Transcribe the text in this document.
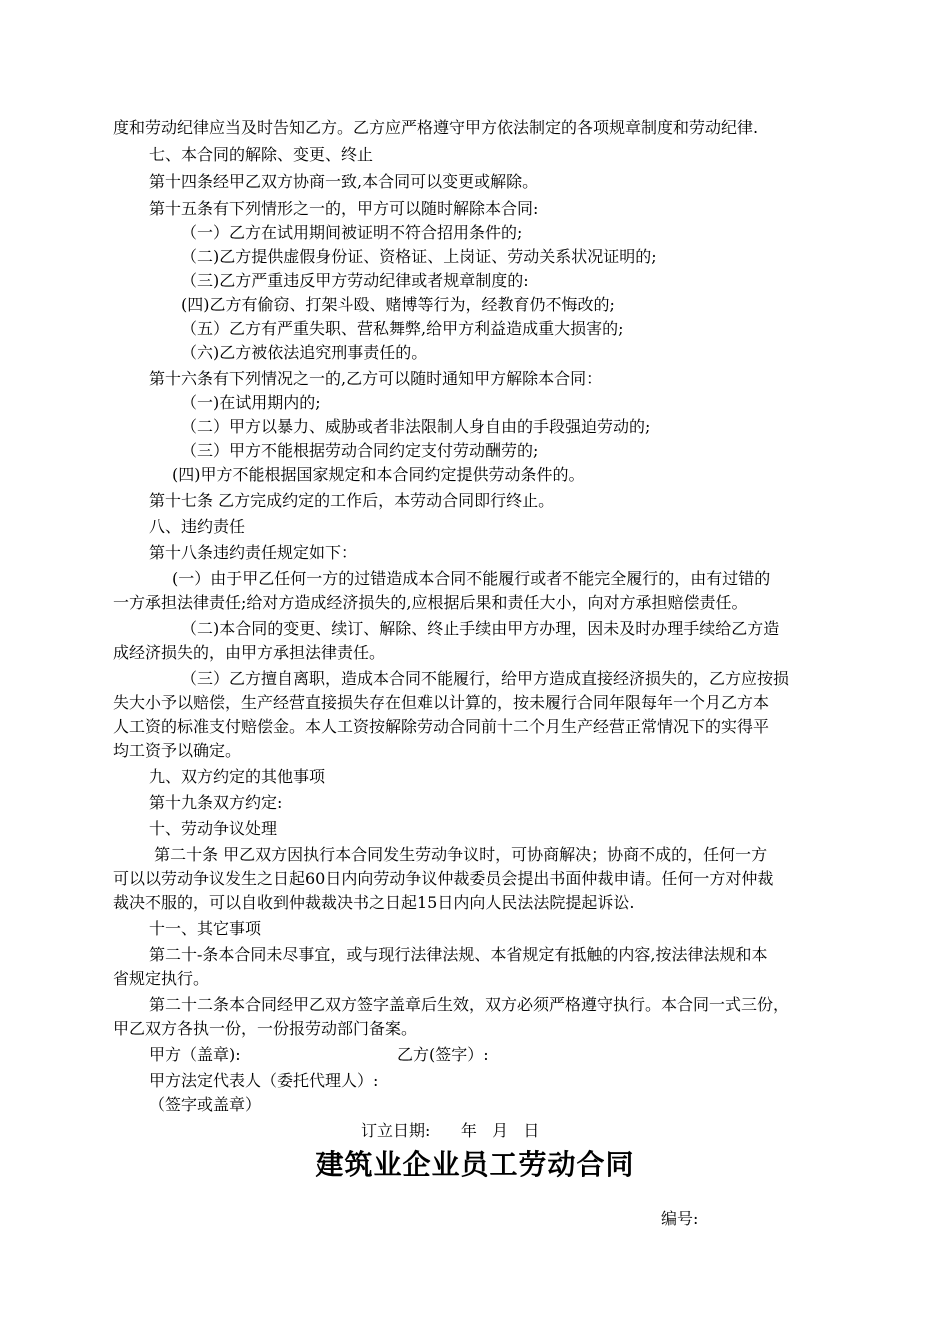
度和劳动纪律应当及时告知乙方。乙方应严格遵守甲方依法制定的各项规章制度和劳动纪律.

七、本合同的解除、变更、终止

第十四条经甲乙双方协商一致,本合同可以变更或解除。

第十五条有下列情形之一的，甲方可以随时解除本合同:

（一）乙方在试用期间被证明不符合招用条件的;

（二)乙方提供虚假身份证、资格证、上岗证、劳动关系状况证明的;

（三)乙方严重违反甲方劳动纪律或者规章制度的:

(四)乙方有偷窃、打架斗殴、赌博等行为，经教育仍不悔改的;

（五）乙方有严重失职、营私舞弊,给甲方利益造成重大损害的;

（六)乙方被依法追究刑事责任的。

第十六条有下列情况之一的,乙方可以随时通知甲方解除本合同：

（一)在试用期内的;

（二）甲方以暴力、威胁或者非法限制人身自由的手段强迫劳动的;

（三）甲方不能根据劳动合同约定支付劳动酬劳的;

(四)甲方不能根据国家规定和本合同约定提供劳动条件的。

第十七条 乙方完成约定的工作后，本劳动合同即行终止。

八、违约责任

第十八条违约责任规定如下：

(一）由于甲乙任何一方的过错造成本合同不能履行或者不能完全履行的，由有过错的

一方承担法律责任;给对方造成经济损失的,应根据后果和责任大小，向对方承担赔偿责任。

（二)本合同的变更、续订、解除、终止手续由甲方办理，因未及时办理手续给乙方造

成经济损失的，由甲方承担法律责任。

（三）乙方擅自离职，造成本合同不能履行，给甲方造成直接经济损失的，乙方应按损

失大小予以赔偿，生产经营直接损失存在但难以计算的，按未履行合同年限每年一个月乙方本

人工资的标准支付赔偿金。本人工资按解除劳动合同前十二个月生产经营正常情况下的实得平

均工资予以确定。

九、双方约定的其他事项

第十九条双方约定:

十、劳动争议处理

第二十条 甲乙双方因执行本合同发生劳动争议时，可协商解决；协商不成的，任何一方

可以以劳动争议发生之日起60日内向劳动争议仲裁委员会提出书面仲裁申请。任何一方对仲裁

裁决不服的，可以自收到仲裁裁决书之日起15日内向人民法法院提起诉讼.

十一、其它事项

第二十-条本合同未尽事宜，或与现行法律法规、本省规定有抵触的内容,按法律法规和本

省规定执行。

第二十二条本合同经甲乙双方签字盖章后生效，双方必须严格遵守执行。本合同一式三份，

甲乙双方各执一份，一份报劳动部门备案。

甲方（盖章):	乙方(签字）:

甲方法定代表人（委托代理人）:

（签字或盖章）

订立日期:      年   月   日

建筑业企业员工劳动合同

编号:
